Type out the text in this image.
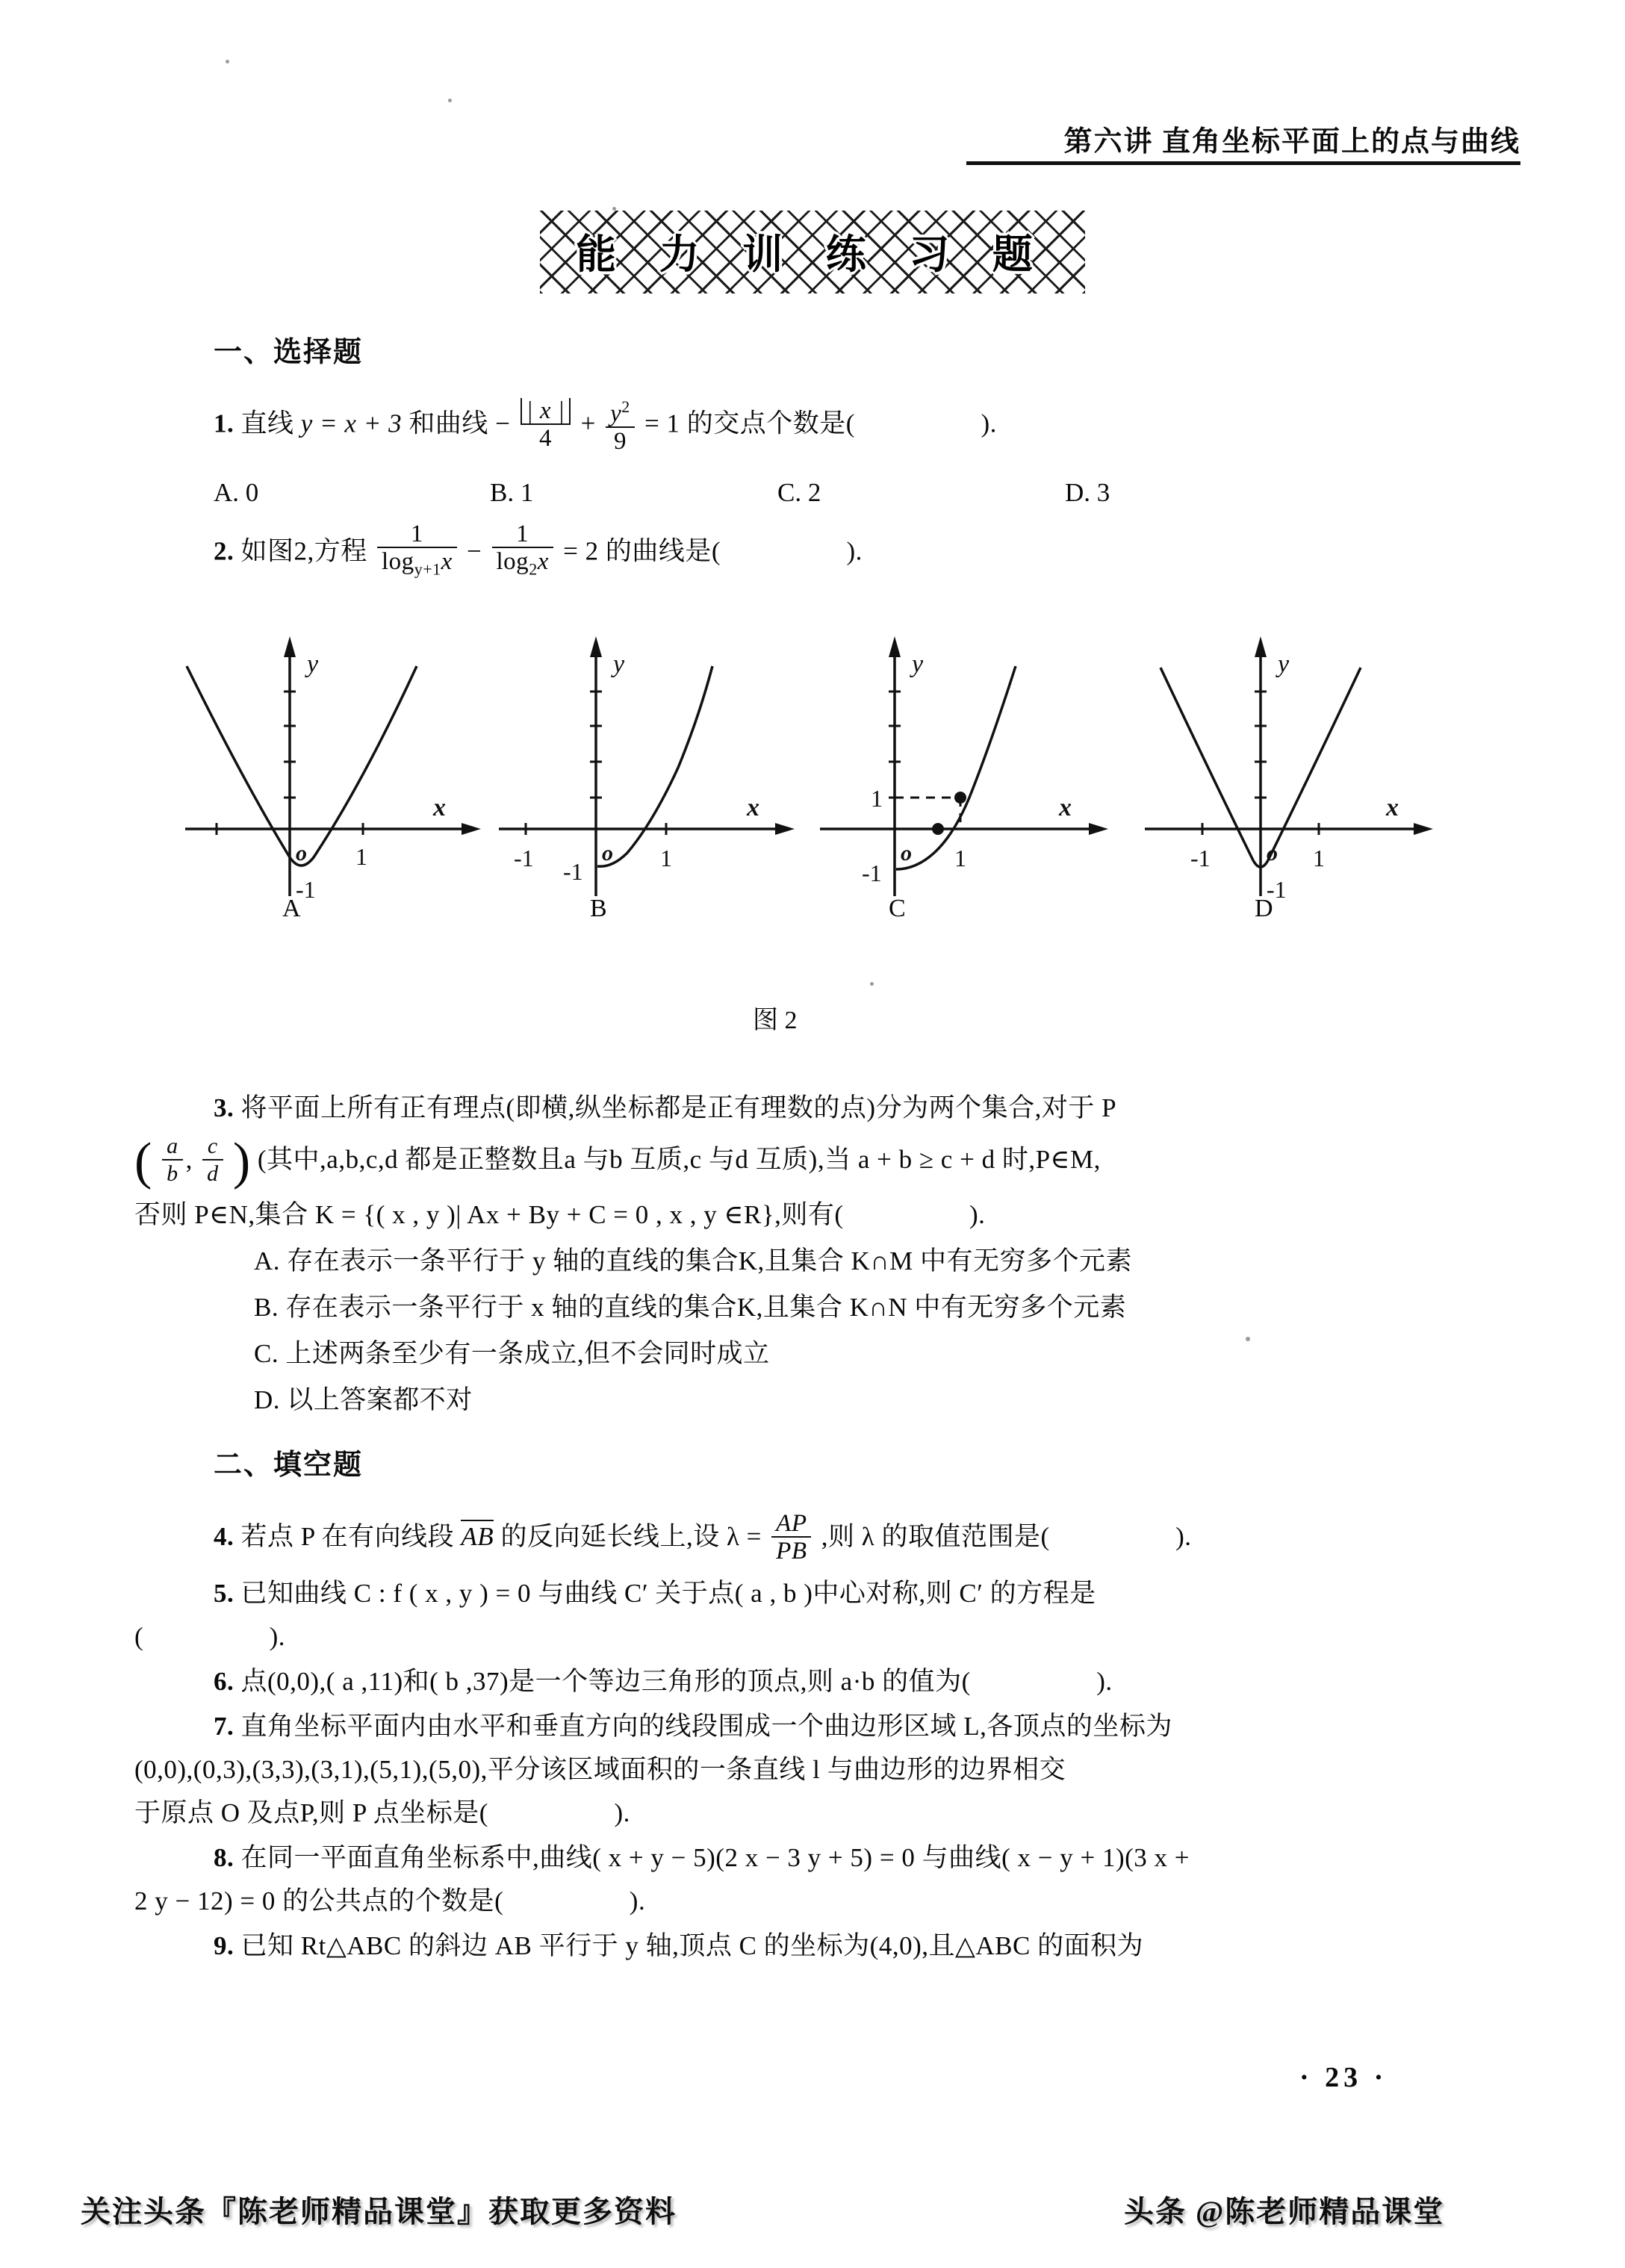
第六讲 直角坐标平面上的点与曲线
能 力 训 练 习 题
一、选择题
1. 直线 y = x + 3 和曲线 − $\frac{| x |}{4} + \frac{y^2}{9} = 1$ 的交点个数是(	).
A. 0	B. 1	C. 2	D. 3
2. 如图2,方程 $\frac{1}{\log_{y+1}x} - \frac{1}{\log_2x} = 2$ 的曲线是(	).
y
x
o 1
-1
A
y
x
o
-1	1
-1
B
y
x
o
1
1
-1
C
y
x
o
-1	1
-1
D
图 2
3. 将平面上所有正有理点(即横,纵坐标都是正有理数的点)分为两个集合,对于 P
( $\frac{a}{b}$ , $\frac{c}{d}$ ) (其中,a,b,c,d 都是正整数且a 与b 互质,c 与d 互质),当 a + b ≥ c + d 时,P∈M,
否则 P∈N,集合 K = {( x , y )| Ax + By + C = 0 , x , y ∈R},则有(	).
A. 存在表示一条平行于 y 轴的直线的集合K,且集合 K∩M 中有无穷多个元素
B. 存在表示一条平行于 x 轴的直线的集合K,且集合 K∩N 中有无穷多个元素
C. 上述两条至少有一条成立,但不会同时成立
D. 以上答案都不对
二、填空题
4. 若点 P 在有向线段 AB 的反向延长线上,设 $\lambda = \frac{AP}{PB}$ ,则 λ 的取值范围是(	).
5. 已知曲线 C : f ( x , y ) = 0 与曲线 C′ 关于点( a , b )中心对称,则 C′ 的方程是
(	).
6. 点(0,0),( a ,11)和( b ,37)是一个等边三角形的顶点,则 a·b 的值为(	).
7. 直角坐标平面内由水平和垂直方向的线段围成一个曲边形区域 L,各顶点的坐标为
(0,0),(0,3),(3,3),(3,1),(5,1),(5,0),平分该区域面积的一条直线 l 与曲边形的边界相交
于原点 O 及点P,则 P 点坐标是(	).
8. 在同一平面直角坐标系中,曲线( x + y − 5)(2 x − 3 y + 5) = 0 与曲线( x − y + 1)(3 x +
2 y − 12) = 0 的公共点的个数是(	).
9. 已知 Rt△ABC 的斜边 AB 平行于 y 轴,顶点 C 的坐标为(4,0),且△ABC 的面积为
· 23 ·
关注头条『陈老师精品课堂』获取更多资料	头条 @陈老师精品课堂
